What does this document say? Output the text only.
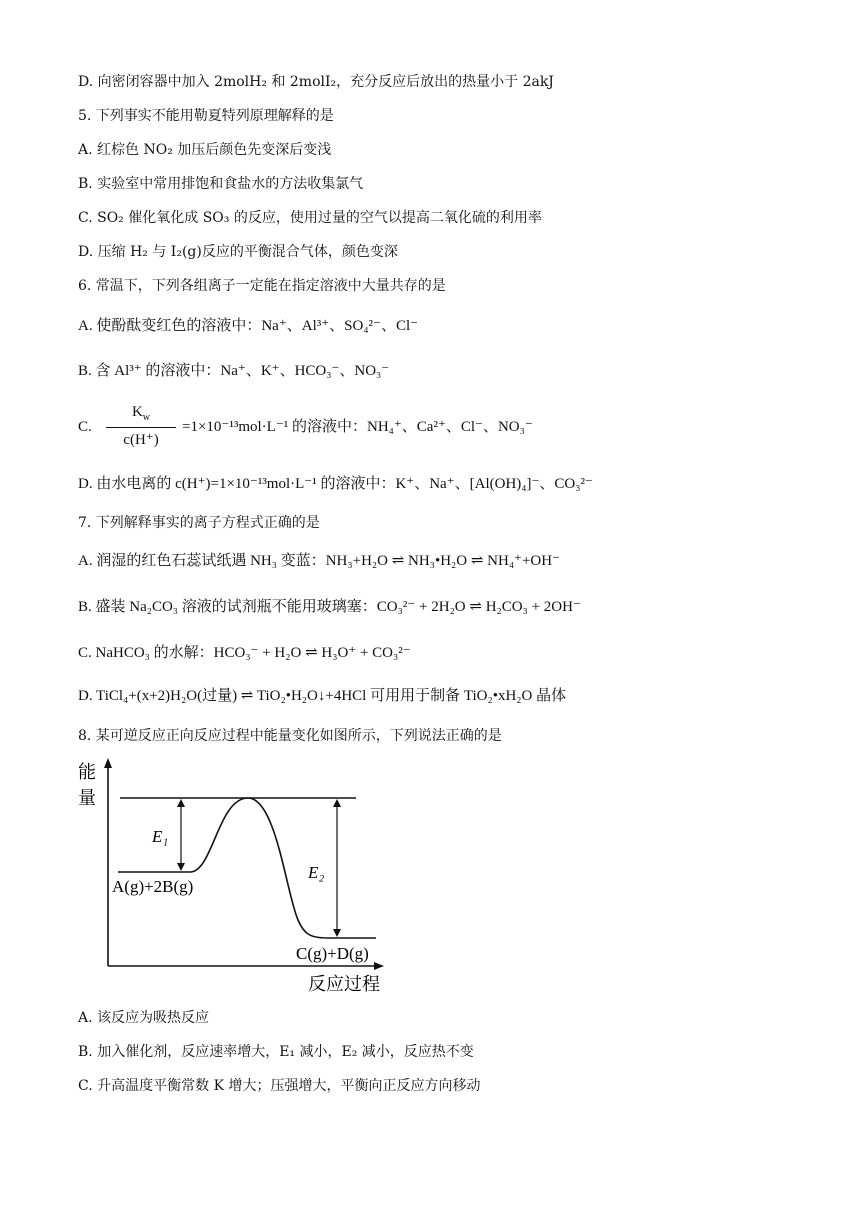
D. 向密闭容器中加入 2molH₂ 和 2molI₂，充分反应后放出的热量小于 2akJ
5. 下列事实不能用勒夏特列原理解释的是
A. 红棕色 NO₂ 加压后颜色先变深后变浅
B. 实验室中常用排饱和食盐水的方法收集氯气
C. SO₂ 催化氧化成 SO₃ 的反应，使用过量的空气以提高二氧化硫的利用率
D. 压缩 H₂ 与 I₂(g)反应的平衡混合气体，颜色变深
6. 常温下，下列各组离子一定能在指定溶液中大量共存的是
A. 使酚酞变红色的溶液中：Na⁺、Al³⁺、SO₄²⁻、Cl⁻
B. 含 Al³⁺ 的溶液中：Na⁺、K⁺、HCO₃⁻、NO₃⁻
C. $\frac{K_w}{c(H^+)} =1\times 10^{-13}mol\cdot L^{-1}$ 的溶液中：NH₄⁺、Ca²⁺、Cl⁻、NO₃⁻
D. 由水电离的 c(H⁺)=1×10⁻¹³mol·L⁻¹ 的溶液中：K⁺、Na⁺、[Al(OH)₄]⁻、CO₃²⁻
7. 下列解释事实的离子方程式正确的是
A. 润湿的红色石蕊试纸遇 NH₃ 变蓝：NH₃+H₂O ⇌ NH₃•H₂O ⇌ NH₄⁺+OH⁻
B. 盛装 Na₂CO₃ 溶液的试剂瓶不能用玻璃塞：CO₃²⁻ + 2H₂O ⇌ H₂CO₃ + 2OH⁻
C. NaHCO₃ 的水解：HCO₃⁻ + H₂O ⇌ H₃O⁺ + CO₃²⁻
D. TiCl₄+(x+2)H₂O(过量) ⇌ TiO₂•H₂O↓+4HCl 可用用于制备 TiO₂•xH₂O 晶体
8. 某可逆反应正向反应过程中能量变化如图所示，下列说法正确的是
能
量
反应过程
E₁
E₂
A(g)+2B(g)
C(g)+D(g)
A. 该反应为吸热反应
B. 加入催化剂，反应速率增大，E₁ 减小，E₂ 减小，反应热不变
C. 升高温度平衡常数 K 增大；压强增大，平衡向正反应方向移动
